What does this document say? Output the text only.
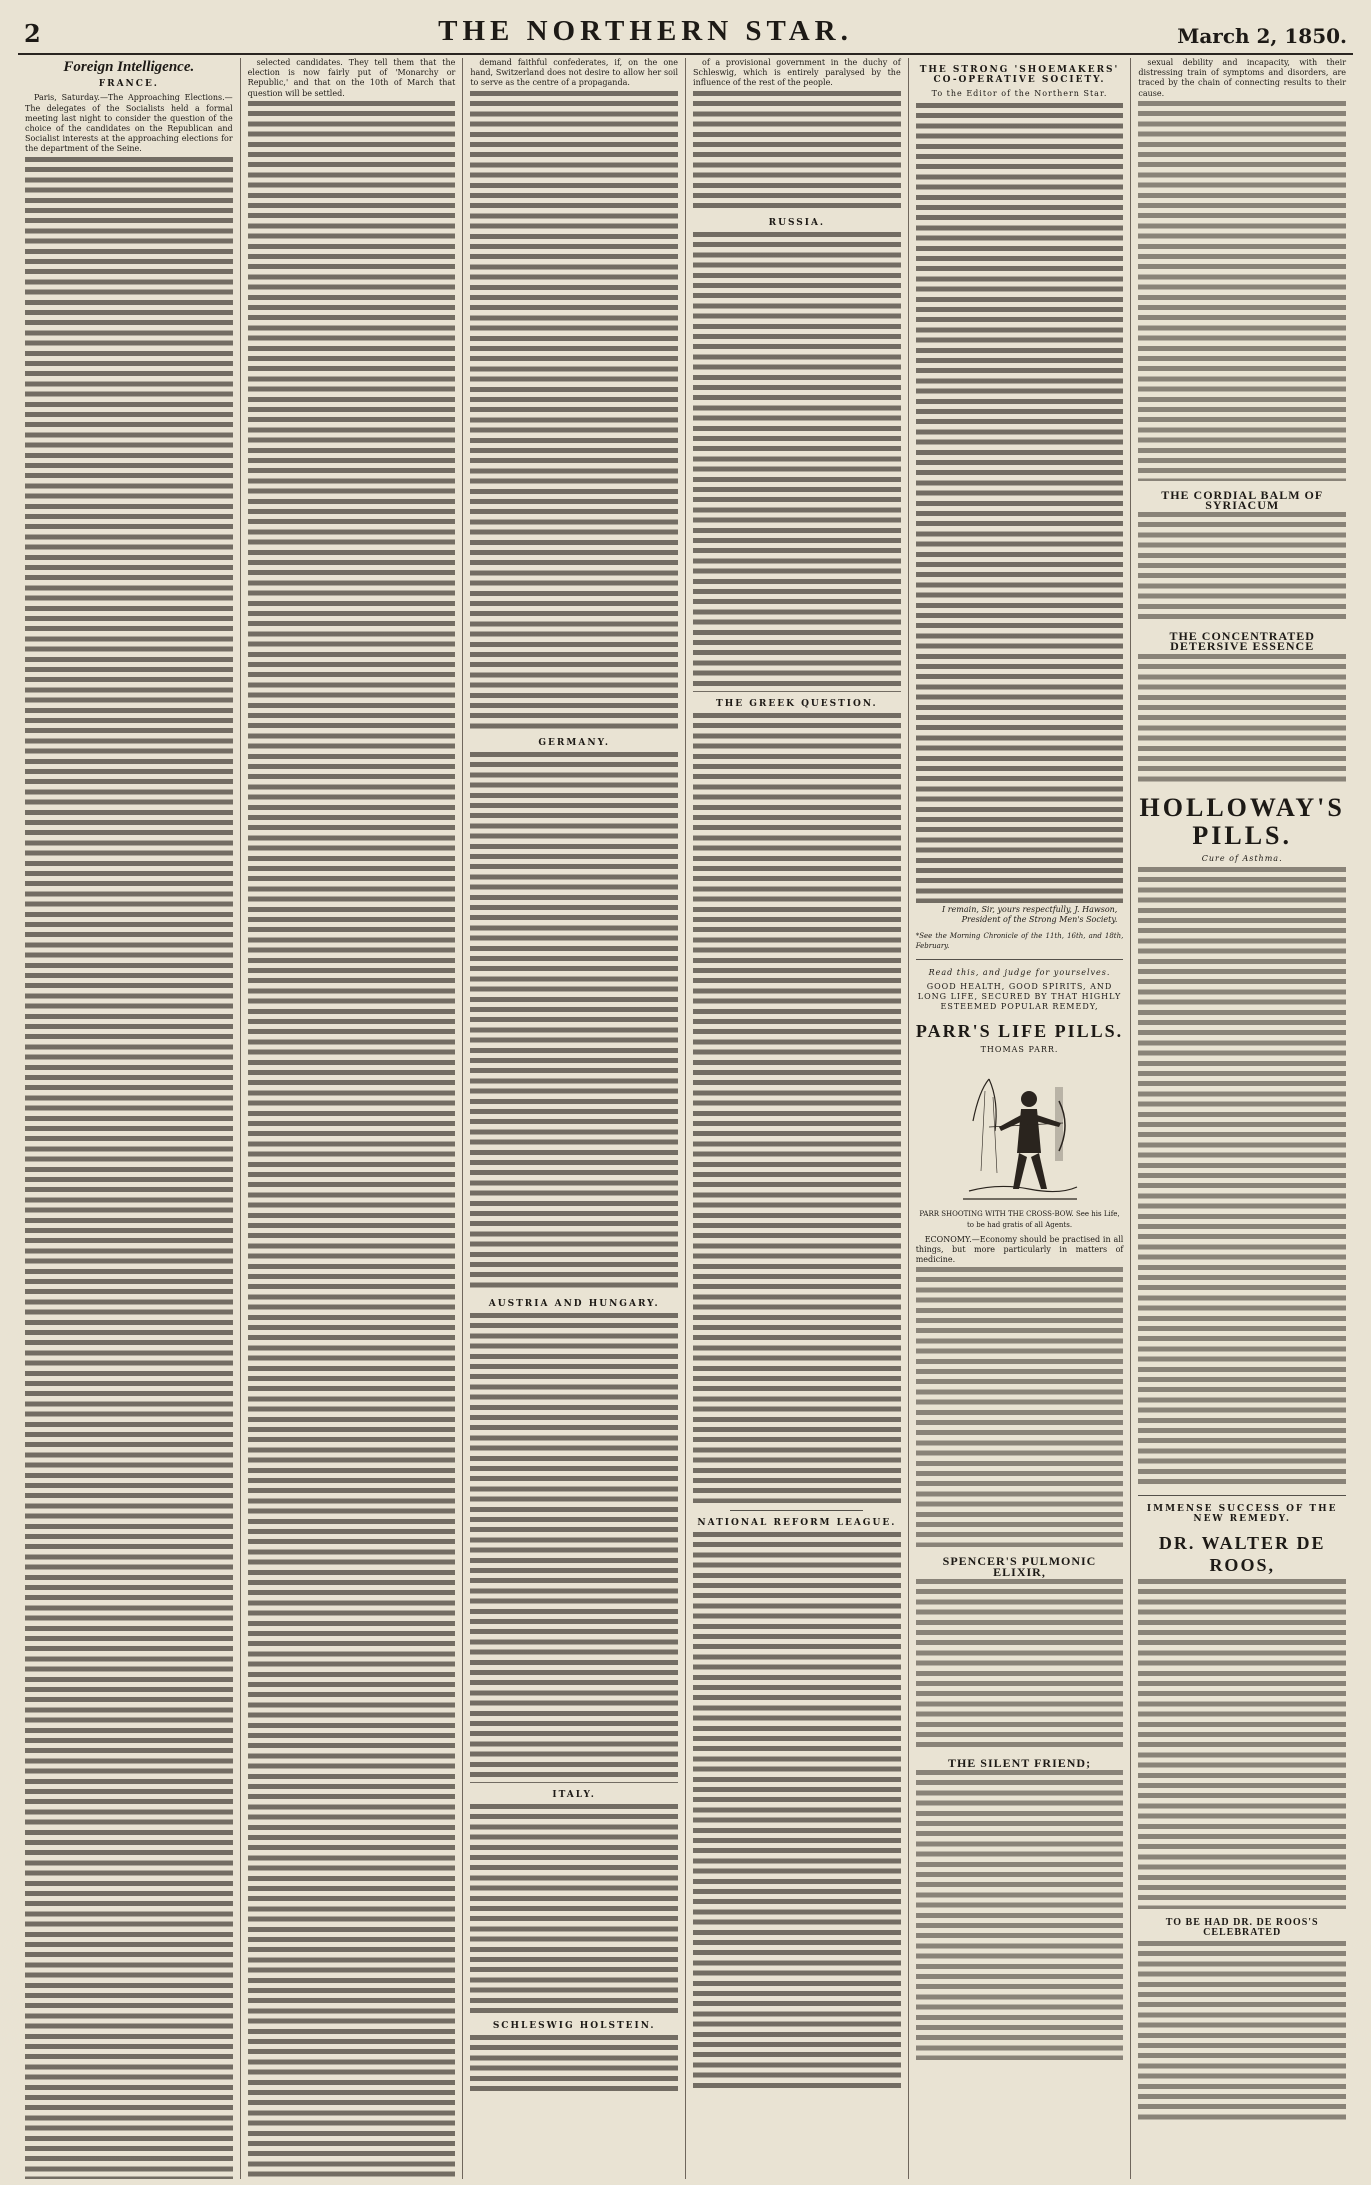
2	THE NORTHERN STAR.	March 2, 1850.
Foreign Intelligence.
FRANCE.

Paris, Saturday.—The Approaching Elections.—The delegates of the Socialists held a formal meeting last night to consider the question of the choice of the candidates on the Republican and Socialist interests at the approaching elections for the department of the Seine.

selected candidates. They tell them that the election is now fairly put of 'Monarchy or Republic,' and that on the 10th of March that question will be settled.

demand faithful confederates, if, on the one hand, Switzerland does not desire to allow her soil to serve as the centre of a propaganda.

GERMANY.
AUSTRIA AND HUNGARY.
ITALY.
SCHLESWIG HOLSTEIN.

of a provisional government in the duchy of Schleswig, which is entirely paralysed by the influence of the rest of the people.

RUSSIA.
THE GREEK QUESTION.
NATIONAL REFORM LEAGUE.
THE STRONG 'SHOEMAKERS' CO-OPERATIVE SOCIETY.
To the Editor of the Northern Star.
I remain, Sir, yours respectfully, J. Hawson, President of the Strong Men's Society.
*See the Morning Chronicle of the 11th, 16th, and 18th, February.
Read this, and judge for yourselves.
GOOD HEALTH, GOOD SPIRITS, AND LONG LIFE, SECURED BY THAT HIGHLY ESTEEMED POPULAR REMEDY,
PARR'S LIFE PILLS.
THOMAS PARR.
PARR SHOOTING WITH THE CROSS-BOW. See his Life, to be had gratis of all Agents.

ECONOMY.—Economy should be practised in all things, but more particularly in matters of medicine.

SPENCER'S PULMONIC ELIXIR,
THE SILENT FRIEND;

sexual debility and incapacity, with their distressing train of symptoms and disorders, are traced by the chain of connecting results to their cause.

THE CORDIAL BALM OF SYRIACUM
THE CONCENTRATED DETERSIVE ESSENCE
HOLLOWAY'S PILLS.
Cure of Asthma.
IMMENSE SUCCESS OF THE NEW REMEDY.
DR. WALTER DE ROOS,
TO BE HAD DR. DE ROOS'S CELEBRATED
